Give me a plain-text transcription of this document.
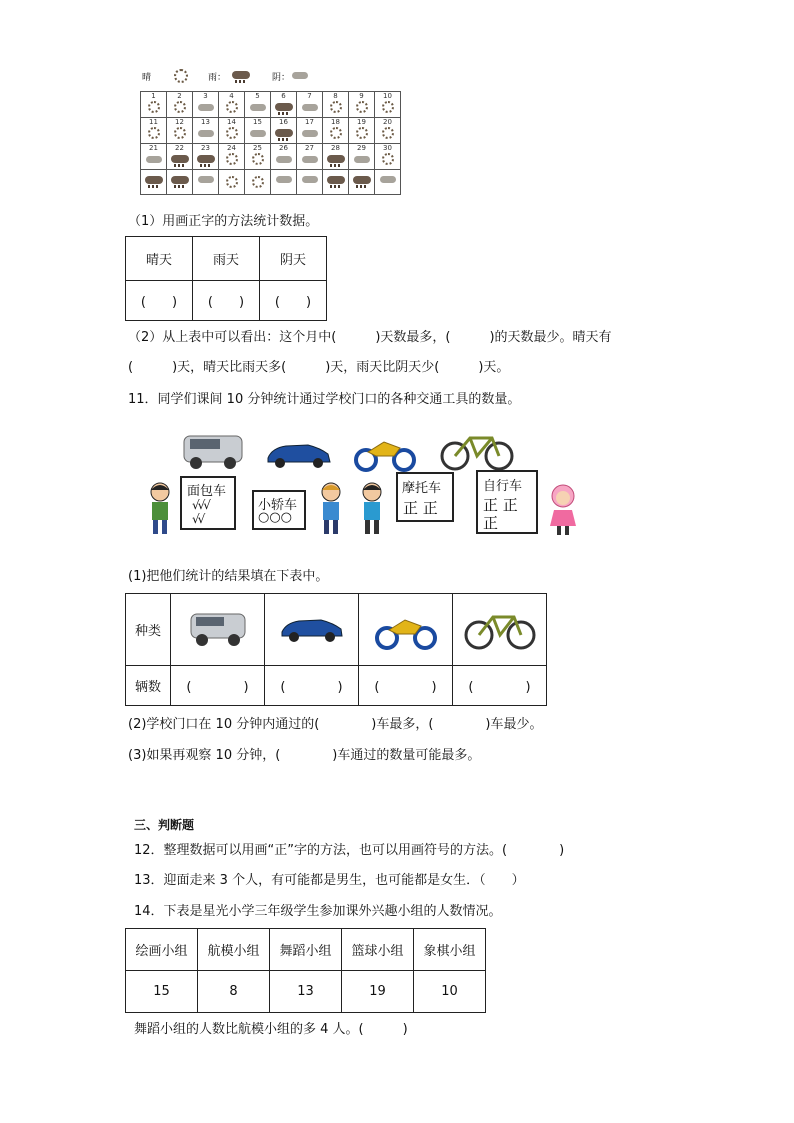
晴	雨：	阴：
1	2	3	4	5	6	7	8	9	10

11	12	13	14	15	16	17	18	19	20

21	22	23	24	25	26	27	28	29	30

（1）用画正字的方法统计数据。
晴天	雨天	阴天
(　　)	(　　)	(　　)
（2）从上表中可以看出：这个月中(　　　)天数最多，(　　　)的天数最少。晴天有
(　　　)天，晴天比雨天多(　　　)天，雨天比阴天少(　　　)天。
11．同学们课间 10 分钟统计通过学校门口的各种交通工具的数量。
面包车
√√√
√√
小轿车
○○○
摩托车
正 正
自行车
正 正
正
(1)把他们统计的结果填在下表中。
种类				
辆数	(　　　　)	(　　　　)	(　　　　)	(　　　　)
(2)学校门口在 10 分钟内通过的(　　　　)车最多，(　　　　)车最少。
(3)如果再观察 10 分钟，(　　　　)车通过的数量可能最多。
三、判断题
12．整理数据可以用画“正”字的方法，也可以用画符号的方法。(　　　　)
13．迎面走来 3 个人，有可能都是男生，也可能都是女生．（　　）
14．下表是星光小学三年级学生参加课外兴趣小组的人数情况。
绘画小组	航模小组	舞蹈小组	篮球小组	象棋小组
15	8	13	19	10
舞蹈小组的人数比航模小组的多 4 人。(　　　)
